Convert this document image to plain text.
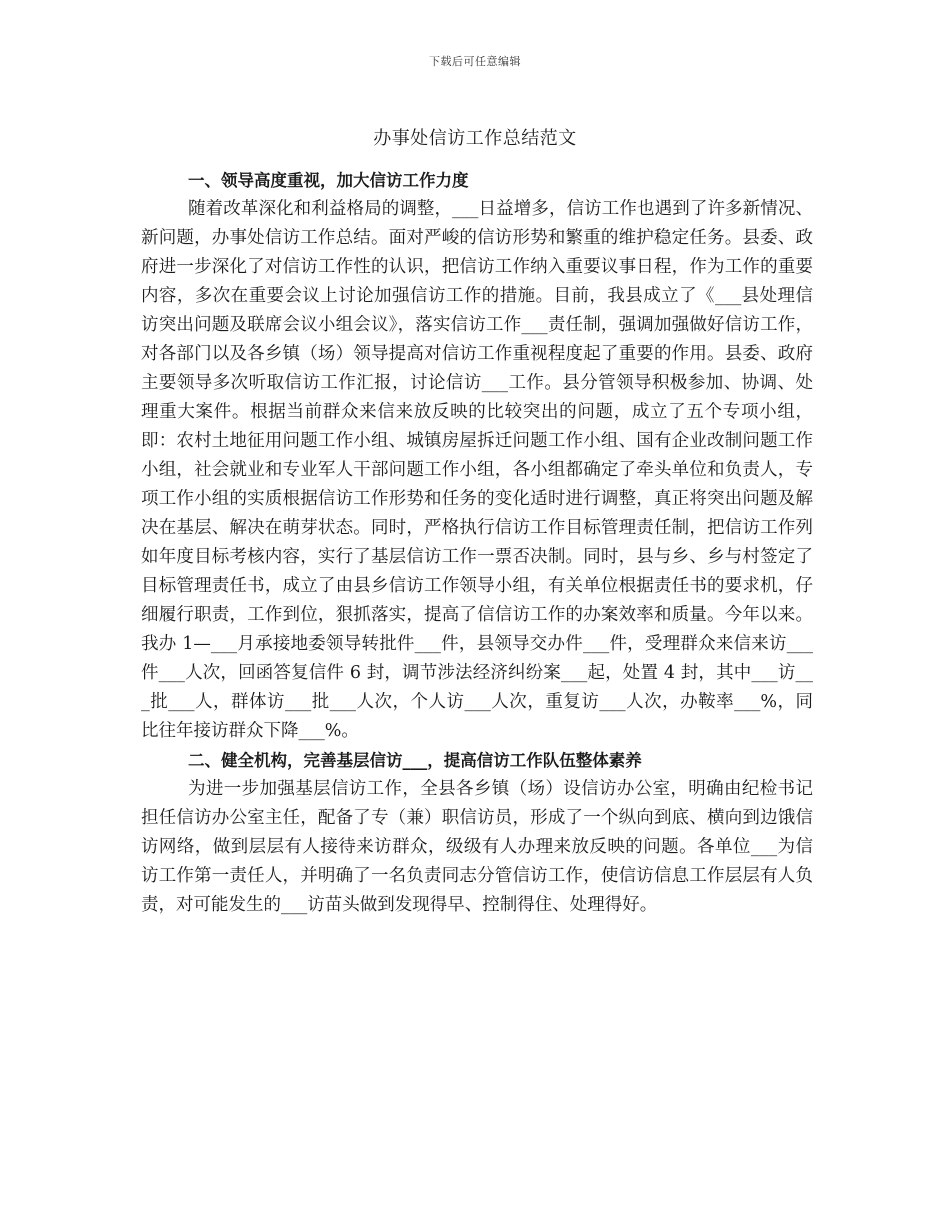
下载后可任意编辑
办事处信访工作总结范文

一、领导高度重视，加大信访工作力度

随着改革深化和利益格局的调整，___日益增多，信访工作也遇到了许多新情况、新问题，办事处信访工作总结。面对严峻的信访形势和繁重的维护稳定任务。县委、政府进一步深化了对信访工作性的认识，把信访工作纳入重要议事日程，作为工作的重要内容，多次在重要会议上讨论加强信访工作的措施。目前，我县成立了《___县处理信访突出问题及联席会议小组会议》，落实信访工作___责任制，强调加强做好信访工作，对各部门以及各乡镇（场）领导提高对信访工作重视程度起了重要的作用。县委、政府主要领导多次听取信访工作汇报，讨论信访___工作。县分管领导积极参加、协调、处理重大案件。根据当前群众来信来放反映的比较突出的问题，成立了五个专项小组，即：农村土地征用问题工作小组、城镇房屋拆迁问题工作小组、国有企业改制问题工作小组，社会就业和专业军人干部问题工作小组，各小组都确定了牵头单位和负责人，专项工作小组的实质根据信访工作形势和任务的变化适时进行调整，真正将突出问题及解决在基层、解决在萌芽状态。同时，严格执行信访工作目标管理责任制，把信访工作列如年度目标考核内容，实行了基层信访工作一票否决制。同时，县与乡、乡与村签定了目标管理责任书，成立了由县乡信访工作领导小组，有关单位根据责任书的要求机，仔细履行职责，工作到位，狠抓落实，提高了信信访工作的办案效率和质量。今年以来。我办 1—___月承接地委领导转批件___件，县领导交办件___件，受理群众来信来访___件___人次，回函答复信件 6 封，调节涉法经济纠纷案___起，处置 4 封，其中___访___批___人，群体访___批___人次，个人访___人次，重复访___人次，办鞍率___%，同比往年接访群众下降___%。

二、健全机构，完善基层信访___，提高信访工作队伍整体素养

为进一步加强基层信访工作，全县各乡镇（场）设信访办公室，明确由纪检书记担任信访办公室主任，配备了专（兼）职信访员，形成了一个纵向到底、横向到边饿信访网络，做到层层有人接待来访群众，级级有人办理来放反映的问题。各单位___为信访工作第一责任人，并明确了一名负责同志分管信访工作，使信访信息工作层层有人负责，对可能发生的___访苗头做到发现得早、控制得住、处理得好。
